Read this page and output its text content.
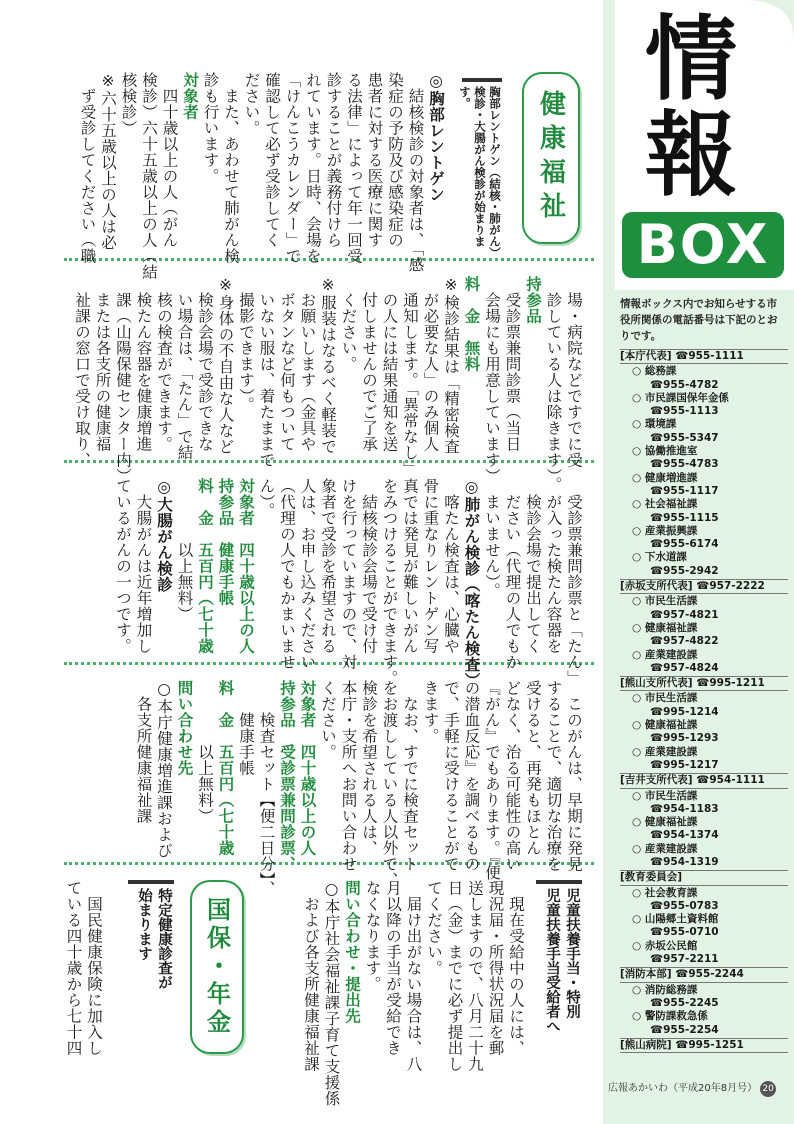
情
報
BOX
情報ボックス内でお知らせする市役所関係の電話番号は下記のとおりです。
[本庁代表] ☎955-1111
○ 総務課
☎955-4782
○ 市民課国保年金係
☎955-1113
○ 環境課
☎955-5347
○ 協働推進室
☎955-4783
○ 健康増進課
☎955-1117
○ 社会福祉課
☎955-1115
○ 産業振興課
☎955-6174
○ 下水道課
☎955-2942
[赤坂支所代表] ☎957-2222
○ 市民生活課
☎957-4821
○ 健康福祉課
☎957-4822
○ 産業建設課
☎957-4824
[熊山支所代表] ☎995-1211
○ 市民生活課
☎995-1214
○ 健康福祉課
☎995-1293
○ 産業建設課
☎995-1217
[吉井支所代表] ☎954-1111
○ 市民生活課
☎954-1183
○ 健康福祉課
☎954-1374
○ 産業建設課
☎954-1319
[教育委員会]
○ 社会教育課
☎955-0783
○ 山陽郷土資料館
☎955-0710
○ 赤坂公民館
☎957-2211
[消防本部] ☎955-2244
○ 消防総務課
☎955-2245
○ 警防課救急係
☎955-2254
[熊山病院] ☎995-1251
広報あかいわ（平成20年8月号） 20
健康福祉
胸部レントゲン（結核・肺がん）
検診・大腸がん検診が始まります。
◎胸部レントゲン
　結核検診の対象者は、「感
染症の予防及び感染症の
患者に対する医療に関す
る法律」によって年一回受
診することが義務付けら
れています。日時、会場を
「けんこうカレンダー」で
確認して必ず受診してく
ださい。
　また、あわせて肺がん検
診も行います。
対象者
　四十歳以上の人（がん
検診）六十五歳以上の人（結
核検診）
※六十五歳以上の人は必
　ず受診してください（職
　場・病院などですでに受
　診している人は除きます）。
持参品
　受診票兼問診票（当日
　会場にも用意しています）
料　金　無料
※検診結果は「精密検査
　が必要な人」のみ個人
　通知します。「異常なし」
　の人には結果通知を送
　付しませんのでご了承
　ください。
※服装はなるべく軽装で
　お願いします（金具や
　ボタンなど何もついて
　いない服は、着たままで
　撮影できます）。
※身体の不自由な人など
　検診会場で受診できな
　い場合は、「たん」で結
　核の検査ができます。
　検たん容器を健康増進
　課（山陽保健センター内）
　または各支所の健康福
　祉課の窓口で受け取り、
　受診票兼問診票と「たん」
　が入った検たん容器を
　検診会場で提出してく
　ださい（代理の人でもか
　まいません）。
◎肺がん検診（喀たん検査）
　喀たん検査は、心臓や
骨に重なりレントゲン写
真では発見が難しいがん
をみつけることができます。
　結核検診会場で受け付
けを行っていますので、対
象者で受診を希望される
人は、お申し込みください
（代理の人でもかまいませ
ん）。
対象者　四十歳以上の人
持参品　健康手帳
料　金　五百円（七十歳
　　　　以上無料）
◎大腸がん検診
　大腸がんは近年増加し
ているがんの一つです。
　このがんは、早期に発見
することで、適切な治療を
受けると、再発もほとん
どなく、治る可能性の高い
『がん』でもあります。『便
の潜血反応』を調べるもの
で、手軽に受けることがで
きます。
　なお、すでに検査セット
をお渡ししている人以外で、
検診を希望される人は、
本庁・支所へお問い合わせ
ください。
対象者　四十歳以上の人
持参品　受診票兼問診票、
　　検査セット【便二日分】、
　　健康手帳
料　金　五百円（七十歳
　　　　以上無料）
問い合わせ先
○本庁健康増進課および
　各支所健康福祉課
児童扶養手当・特別
児童扶養手当受給者へ
　現在受給中の人には、
現況届・所得状況届を郵
送しますので、八月二十九
日（金）までに必ず提出し
てください。
　届け出がない場合は、八
月以降の手当が受給でき
なくなります。
問い合わせ・提出先
○本庁社会福祉課子育て支援係
　および各支所健康福祉課
国保・年金
特定健康診査が
始まります
　国民健康保険に加入し
ている四十歳から七十四
